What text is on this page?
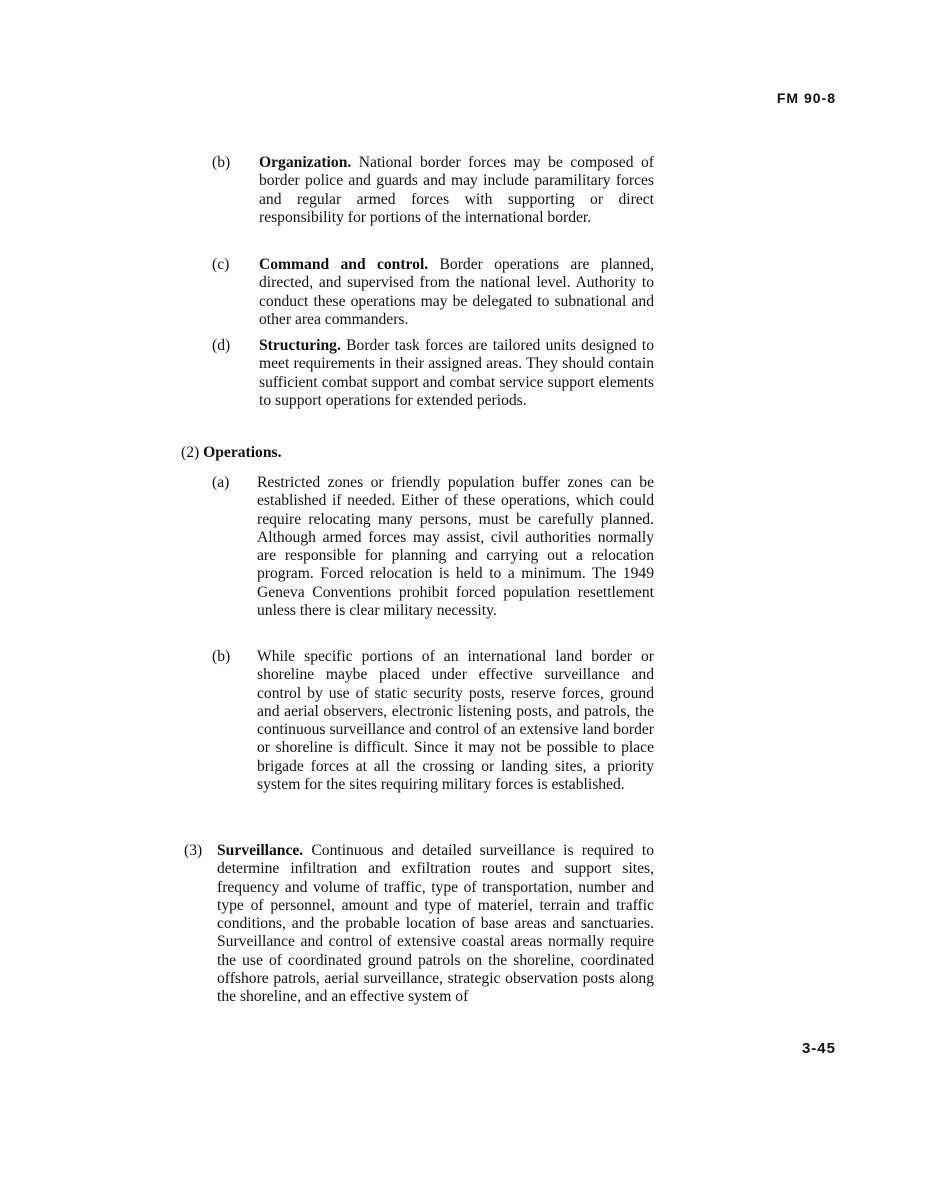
FM 90-8
(b) Organization. National border forces may be composed of border police and guards and may include paramilitary forces and regular armed forces with supporting or direct responsibility for portions of the international border.
(c) Command and control. Border operations are planned, directed, and supervised from the national level. Authority to conduct these operations may be delegated to subnational and other area commanders.
(d) Structuring. Border task forces are tailored units designed to meet requirements in their assigned areas. They should contain sufficient combat support and combat service support elements to support operations for extended periods.
(2) Operations.
(a) Restricted zones or friendly population buffer zones can be established if needed. Either of these operations, which could require relocating many persons, must be carefully planned. Although armed forces may assist, civil authorities normally are responsible for planning and carrying out a relocation program. Forced relocation is held to a minimum. The 1949 Geneva Conventions prohibit forced population resettlement unless there is clear military necessity.
(b) While specific portions of an international land border or shoreline maybe placed under effective surveillance and control by use of static security posts, reserve forces, ground and aerial observers, electronic listening posts, and patrols, the continuous surveillance and control of an extensive land border or shoreline is difficult. Since it may not be possible to place brigade forces at all the crossing or landing sites, a priority system for the sites requiring military forces is established.
(3) Surveillance. Continuous and detailed surveillance is required to determine infiltration and exfiltration routes and support sites, frequency and volume of traffic, type of transportation, number and type of personnel, amount and type of materiel, terrain and traffic conditions, and the probable location of base areas and sanctuaries. Surveillance and control of extensive coastal areas normally require the use of coordinated ground patrols on the shoreline, coordinated offshore patrols, aerial surveillance, strategic observation posts along the shoreline, and an effective system of
3-45
